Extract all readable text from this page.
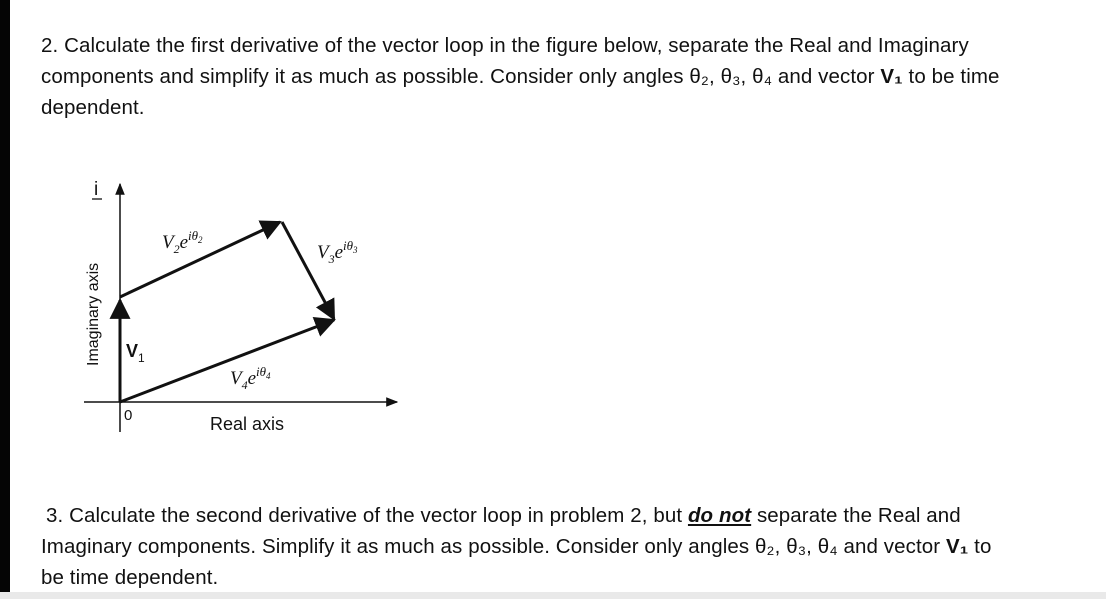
2. Calculate the first derivative of the vector loop in the figure below, separate the Real and Imaginary
components and simplify it as much as possible. Consider only angles θ₂, θ₃, θ₄ and vector V₁ to be time
dependent.
i
Imaginary axis
0	Real axis
$V_1$
$V_2e^{i\theta}2$
$V_3e^{i\theta}3$
$V_4e^{i\theta}4$
3. Calculate the second derivative of the vector loop in problem 2, but do not separate the Real and
Imaginary components. Simplify it as much as possible. Consider only angles θ₂, θ₃, θ₄ and vector V₁ to
be time dependent.
